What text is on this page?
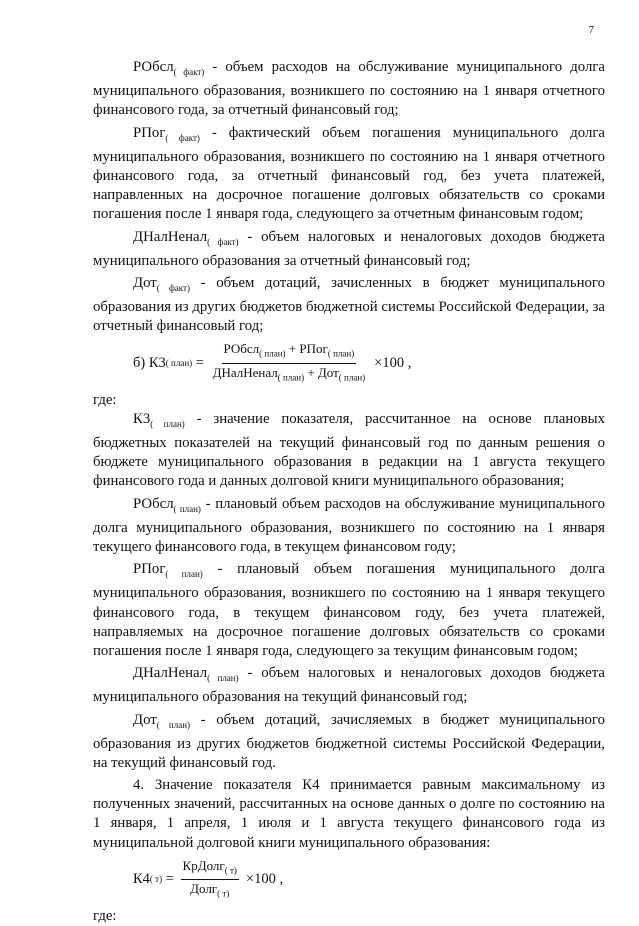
7

РОбсл$_{( факт)}$ - объем расходов на обслуживание муниципального долга муниципального образования, возникшего по состоянию на 1 января отчетного финансового года, за отчетный финансовый год;

РПог$_{( факт)}$ - фактический объем погашения муниципального долга муниципального образования, возникшего по состоянию на 1 января отчетного финансового года, за отчетный финансовый год, без учета платежей, направленных на досрочное погашение долговых обязательств со сроками погашения после 1 января года, следующего за отчетным финансовым годом;

ДНалНенал$_{( факт)}$ - объем налоговых и неналоговых доходов бюджета муниципального образования за отчетный финансовый год;

Дот$_{( факт)}$ - объем дотаций, зачисленных в бюджет муниципального образования из других бюджетов бюджетной системы Российской Федерации, за отчетный финансовый год;

б) К3 ( план) = $\frac{РОбсл_{( план)} + РПог_{( план)}}{ДНалНенал_{( план)} + Дот_{( план)}} \times 100$ ,

где:

$К3_{( план)}$ - значение показателя, рассчитанное на основе плановых бюджетных показателей на текущий финансовый год по данным решения о бюджете муниципального образования в редакции на 1 августа текущего финансового года и данных долговой книги муниципального образования;

РОбсл$_{( план)}$ - плановый объем расходов на обслуживание муниципального долга муниципального образования, возникшего по состоянию на 1 января текущего финансового года, в текущем финансовом году;

РПог$_{( план)}$ - плановый объем погашения муниципального долга муниципального образования, возникшего по состоянию на 1 января текущего финансового года, в текущем финансовом году, без учета платежей, направляемых на досрочное погашение долговых обязательств со сроками погашения после 1 января года, следующего за текущим финансовым годом;

ДНалНенал$_{( план)}$ - объем налоговых и неналоговых доходов бюджета муниципального образования на текущий финансовый год;

Дот$_{( план)}$ - объем дотаций, зачисляемых в бюджет муниципального образования из других бюджетов бюджетной системы Российской Федерации, на текущий финансовый год.

4. Значение показателя К4 принимается равным максимальному из полученных значений, рассчитанных на основе данных о долге по состоянию на 1 января, 1 апреля, 1 июля и 1 августа текущего финансового года из муниципальной долговой книги муниципального образования:

К4 ( $т) = \frac{КрДолг_{( т)}}{Долг_{( т)}} \times 100$ ,

где:
